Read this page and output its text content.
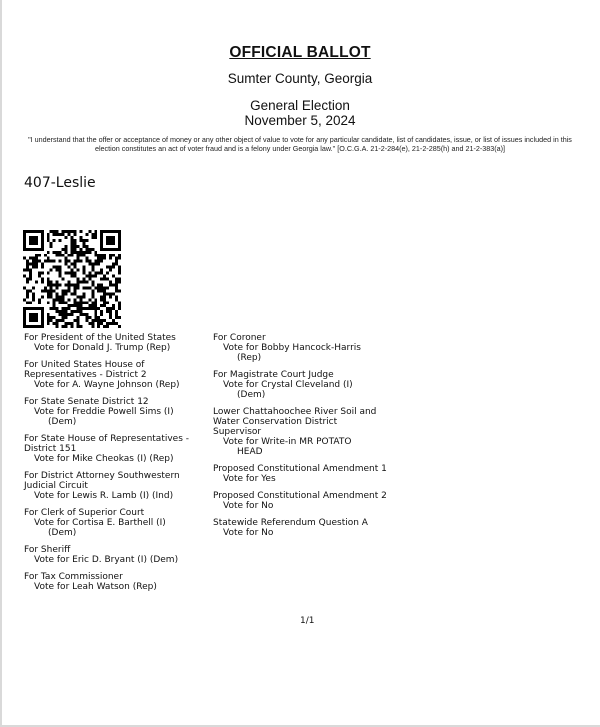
OFFICIAL BALLOT
Sumter County, Georgia
General Election
November 5, 2024
"I understand that the offer or acceptance of money or any other object of value to vote for any particular candidate, list of candidates, issue, or list of issues included in this election constitutes an act of voter fraud and is a felony under Georgia law." [O.C.G.A. 21-2-284(e), 21-2-285(h) and 21-2-383(a)]
407-Leslie
For President of the United States
Vote for Donald J. Trump (Rep)
For United States House of Representatives - District 2
Vote for A. Wayne Johnson (Rep)
For State Senate District 12
Vote for Freddie Powell Sims (I)
(Dem)
For State House of Representatives - District 151
Vote for Mike Cheokas (I) (Rep)
For District Attorney Southwestern Judicial Circuit
Vote for Lewis R. Lamb (I) (Ind)
For Clerk of Superior Court
Vote for Cortisa E. Barthell (I)
(Dem)
For Sheriff
Vote for Eric D. Bryant (I) (Dem)
For Tax Commissioner
Vote for Leah Watson (Rep)
For Coroner
Vote for Bobby Hancock-Harris
(Rep)
For Magistrate Court Judge
Vote for Crystal Cleveland (I)
(Dem)
Lower Chattahoochee River Soil and Water Conservation District Supervisor
Vote for Write-in MR POTATO
HEAD
Proposed Constitutional Amendment 1
Vote for Yes
Proposed Constitutional Amendment 2
Vote for No
Statewide Referendum Question A
Vote for No
1/1
